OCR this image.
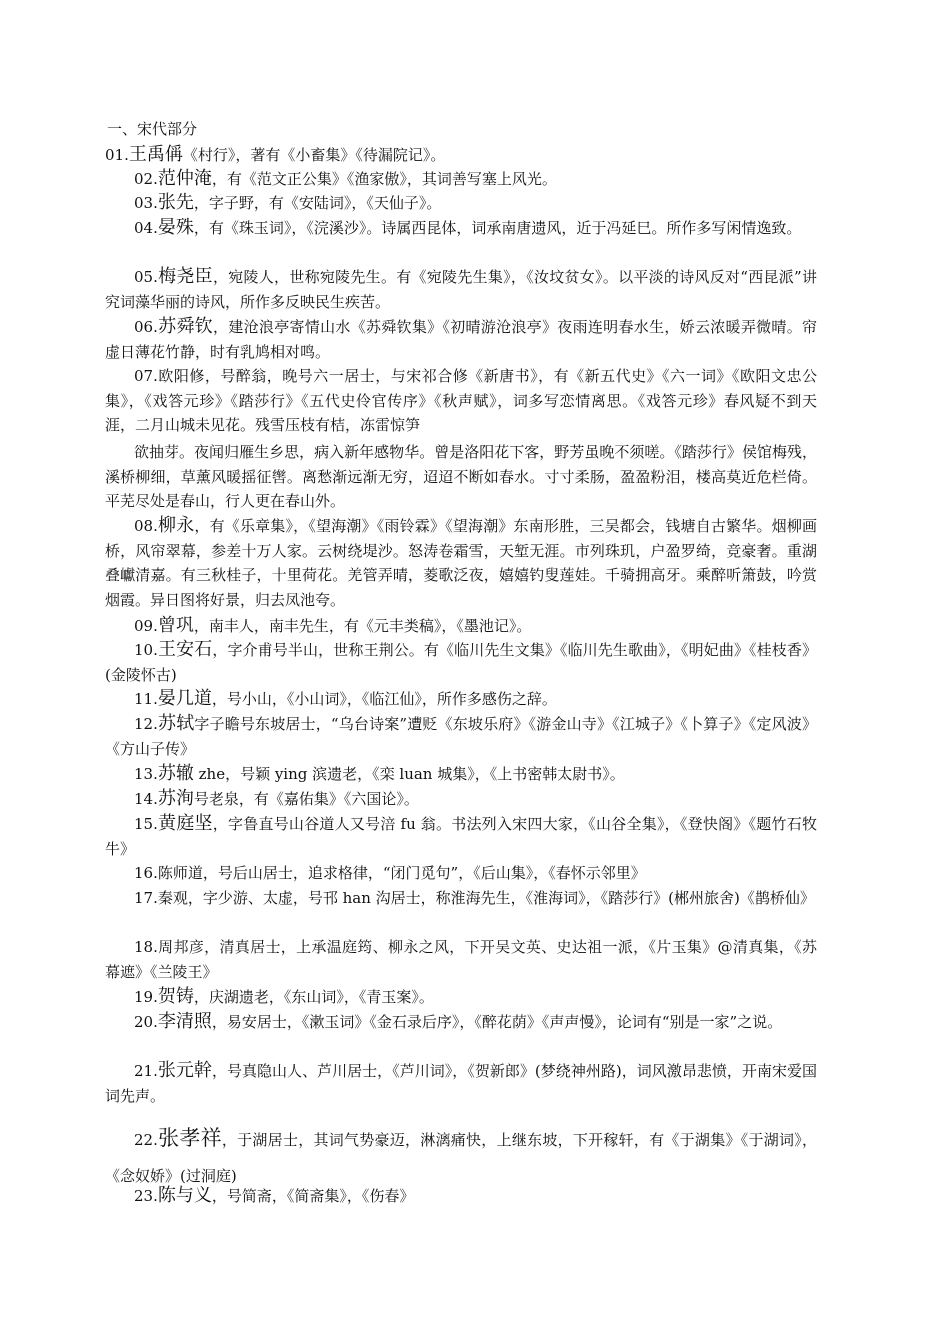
一、宋代部分
01.王禹偁《村行》，著有《小畜集》《待漏院记》。
02.范仲淹，有《范文正公集》《渔家傲》，其词善写塞上风光。
03.张先，字子野，有《安陆词》，《天仙子》。
04.晏殊，有《珠玉词》，《浣溪沙》。诗属西昆体，词承南唐遗风，近于冯延巳。所作多写闲情逸致。
05.梅尧臣，宛陵人，世称宛陵先生。有《宛陵先生集》，《汝坟贫女》。以平淡的诗风反对“西昆派”讲究词藻华丽的诗风，所作多反映民生疾苦。
06.苏舜钦，建沧浪亭寄情山水《苏舜钦集》《初晴游沧浪亭》夜雨连明春水生，娇云浓暖弄微晴。帘虚日薄花竹静，时有乳鸠相对鸣。
07.欧阳修，号醉翁，晚号六一居士，与宋祁合修《新唐书》，有《新五代史》《六一词》《欧阳文忠公集》，《戏答元珍》《踏莎行》《五代史伶官传序》《秋声赋》，词多写恋情离思。《戏答元珍》春风疑不到天涯，二月山城未见花。残雪压枝有桔，冻雷惊笋
欲抽芽。夜闻归雁生乡思，病入新年感物华。曾是洛阳花下客，野芳虽晚不须嗟。《踏莎行》侯馆梅残，溪桥柳细，草薰风暖摇征辔。离愁渐远渐无穷，迢迢不断如春水。寸寸柔肠，盈盈粉泪，楼高莫近危栏倚。平芜尽处是春山，行人更在春山外。
08.柳永，有《乐章集》，《望海潮》《雨铃霖》《望海潮》东南形胜，三吴都会，钱塘自古繁华。烟柳画桥，风帘翠幕，参差十万人家。云树绕堤沙。怒涛卷霜雪，天堑无涯。市列珠玑，户盈罗绮，竞豪奢。重湖叠巘清嘉。有三秋桂子，十里荷花。羌管弄晴，菱歌泛夜，嬉嬉钓叟莲娃。千骑拥高牙。乘醉听箫鼓，吟赏烟霞。异日图将好景，归去凤池夸。
09.曾巩，南丰人，南丰先生，有《元丰类稿》，《墨池记》。
10.王安石，字介甫号半山，世称王荆公。有《临川先生文集》《临川先生歌曲》，《明妃曲》《桂枝香》(金陵怀古)
11.晏几道，号小山，《小山词》，《临江仙》，所作多感伤之辞。
12.苏轼字子瞻号东坡居士，“乌台诗案”遭贬《东坡乐府》《游金山寺》《江城子》《卜算子》《定风波》《方山子传》
13.苏辙 zhe，号颖 ying 滨遗老，《栾 luan 城集》，《上书密韩太尉书》。
14.苏洵号老泉，有《嘉佑集》《六国论》。
15.黄庭坚，字鲁直号山谷道人又号涪 fu 翁。书法列入宋四大家，《山谷全集》，《登快阁》《题竹石牧牛》
16.陈师道，号后山居士，追求格律，“闭门觅句”，《后山集》，《春怀示邻里》
17.秦观，字少游、太虚，号邗 han 沟居士，称淮海先生，《淮海词》，《踏莎行》(郴州旅舍)《鹊桥仙》
18.周邦彦，清真居士，上承温庭筠、柳永之风，下开吴文英、史达祖一派，《片玉集》@清真集，《苏幕遮》《兰陵王》
19.贺铸，庆湖遗老，《东山词》，《青玉案》。
20.李清照，易安居士，《漱玉词》《金石录后序》，《醉花荫》《声声慢》，论词有“别是一家”之说。
21.张元幹，号真隐山人、芦川居士，《芦川词》，《贺新郎》(梦绕神州路)，词风激昂悲愤，开南宋爱国词先声。
22.张孝祥，于湖居士，其词气势豪迈，淋漓痛快，上继东坡，下开稼轩，有《于湖集》《于湖词》，《念奴娇》(过洞庭)
23.陈与义，号简斋，《简斋集》，《伤春》
